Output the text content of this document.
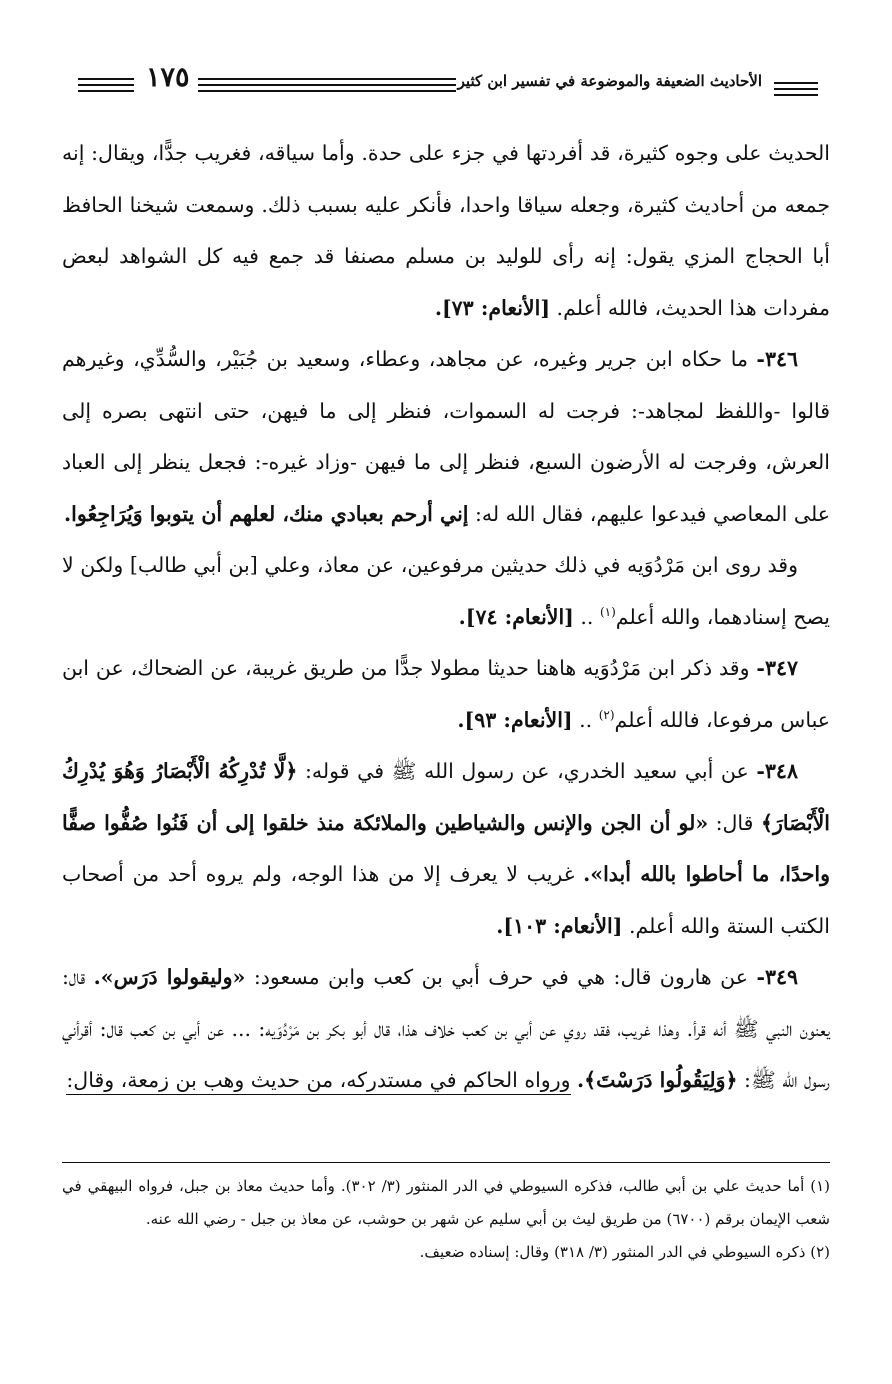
الأحاديث الضعيفة والموضوعة في تفسير ابن كثير
١٧٥

الحديث على وجوه كثيرة، قد أفردتها في جزء على حدة. وأما سياقه، فغريب جدًّا، ويقال: إنه جمعه من أحاديث كثيرة، وجعله سياقا واحدا، فأنكر عليه بسبب ذلك. وسمعت شيخنا الحافظ أبا الحجاج المزي يقول: إنه رأى للوليد بن مسلم مصنفا قد جمع فيه كل الشواهد لبعض مفردات هذا الحديث، فالله أعلم. [الأنعام: ٧٣].

٣٤٦- ما حكاه ابن جرير وغيره، عن مجاهد، وعطاء، وسعيد بن جُبَيْر، والسُّدِّي، وغيرهم قالوا -واللفظ لمجاهد-: فرجت له السموات، فنظر إلى ما فيهن، حتى انتهى بصره إلى العرش، وفرجت له الأرضون السبع، فنظر إلى ما فيهن -وزاد غيره-: فجعل ينظر إلى العباد على المعاصي فيدعوا عليهم، فقال الله له: إني أرحم بعبادي منك، لعلهم أن يتوبوا وَيُرَاجِعُوا.

وقد روى ابن مَرْدُوَيه في ذلك حديثين مرفوعين، عن معاذ، وعلي [بن أبي طالب] ولكن لا يصح إسنادهما، والله أعلم$^{(١)}$ .. [الأنعام: ٧٤].

٣٤٧- وقد ذكر ابن مَرْدُوَيه هاهنا حديثا مطولا جدًّا من طريق غريبة، عن الضحاك، عن ابن عباس مرفوعا، فالله أعلم$^{(٢)}$ .. [الأنعام: ٩٣].

٣٤٨- عن أبي سعيد الخدري، عن رسول الله ﷺ في قوله: ﴿لَّا تُدْرِكُهُ الْأَبْصَارُ وَهُوَ يُدْرِكُ الْأَبْصَارَ﴾ قال: «لو أن الجن والإنس والشياطين والملائكة منذ خلقوا إلى أن فَنُوا صُفُّوا صفًّا واحدًا، ما أحاطوا بالله أبدا». غريب لا يعرف إلا من هذا الوجه، ولم يروه أحد من أصحاب الكتب الستة والله أعلم. [الأنعام: ١٠٣].

٣٤٩- عن هارون قال: هي في حرف أبي بن كعب وابن مسعود: «وليقولوا دَرَس». قال: يعنون النبي ﷺ أنه قرأ. وهذا غريب، فقد روي عن أبي بن كعب خلاف هذا، قال أبو بكر بن مَرْدُوَيه: ... عن أبي بن كعب قال: أقرأني رسول الله ﷺ: ﴿وَلِيَقُولُوا دَرَسْتَ﴾. ورواه الحاكم في مستدركه، من حديث وهب بن زمعة، وقال:

(١) أما حديث علي بن أبي طالب، فذكره السيوطي في الدر المنثور (٣/ ٣٠٢). وأما حديث معاذ بن جبل، فرواه البيهقي في شعب الإيمان برقم (٦٧٠٠) من طريق ليث بن أبي سليم عن شهر بن حوشب، عن معاذ بن جبل - رضي الله عنه.

(٢) ذكره السيوطي في الدر المنثور (٣/ ٣١٨) وقال: إسناده ضعيف.
